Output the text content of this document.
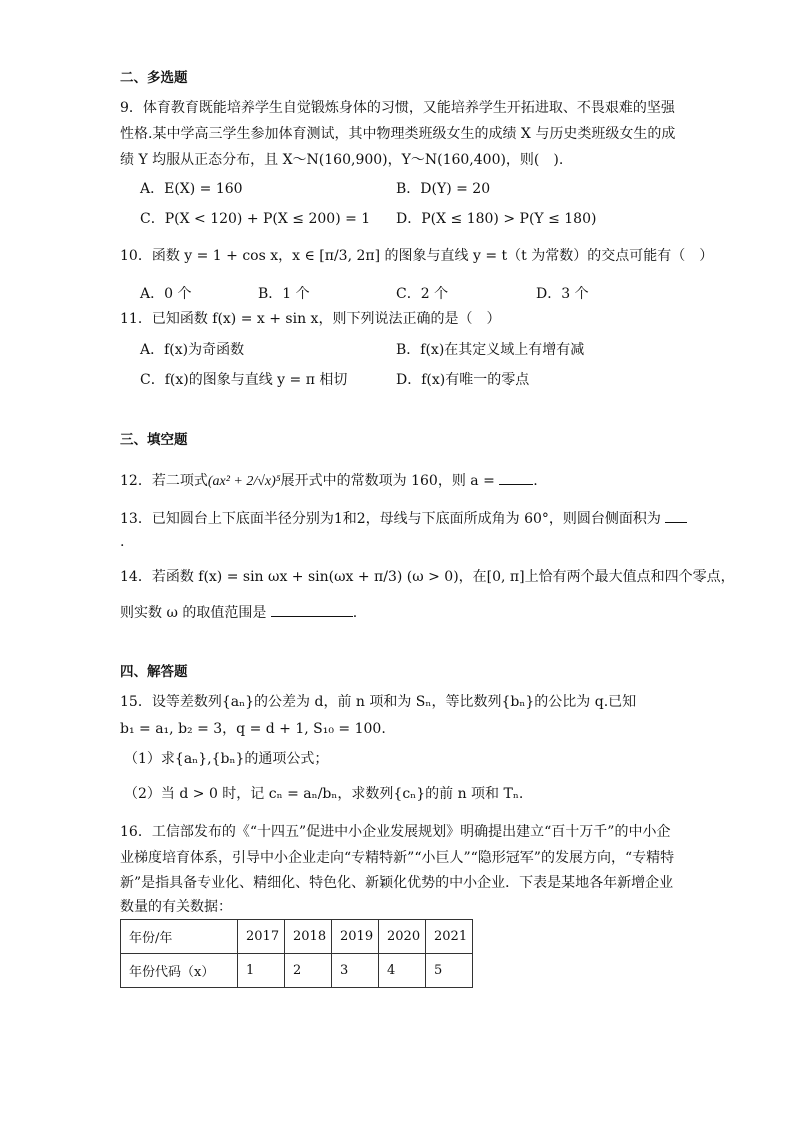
二、多选题
9．体育教育既能培养学生自觉锻炼身体的习惯，又能培养学生开拓进取、不畏艰难的坚强
性格.某中学高三学生参加体育测试，其中物理类班级女生的成绩 X 与历史类班级女生的成
绩 Y 均服从正态分布，且 X～N(160,900)，Y～N(160,400)，则(　).
A．E(X) = 160	B．D(Y) = 20
C．P(X < 120) + P(X ≤ 200) = 1 D．P(X ≤ 180) > P(Y ≤ 180)
10．函数 y = 1 + cos x，x ∈ [π/3, 2π] 的图象与直线 y = t（t 为常数）的交点可能有（　）
A．0 个	B．1 个	C．2 个	D．3 个
11．已知函数 f(x) = x + sin x，则下列说法正确的是（　）
A．f(x)为奇函数	B．f(x)在其定义域上有增有减
C．f(x)的图象与直线 y = π 相切	D．f(x)有唯一的零点
三、填空题
12．若二项式(ax² + 2/√x)⁵展开式中的常数项为 160，则 a =	.
13．已知圆台上下底面半径分别为1和2，母线与下底面所成角为 60°，则圆台侧面积为
.
14．若函数 f(x) = sin ωx + sin(ωx + π/3) (ω > 0)，在[0, π]上恰有两个最大值点和四个零点，
则实数 ω 的取值范围是	.
四、解答题
15．设等差数列{aₙ}的公差为 d，前 n 项和为 Sₙ，等比数列{bₙ}的公比为 q.已知
b₁ = a₁, b₂ = 3，q = d + 1, S₁₀ = 100.
（1）求{aₙ},{bₙ}的通项公式；
（2）当 d > 0 时，记 cₙ = aₙ/bₙ，求数列{cₙ}的前 n 项和 Tₙ.
16．工信部发布的《“十四五”促进中小企业发展规划》明确提出建立“百十万千”的中小企
业梯度培育体系，引导中小企业走向“专精特新”“小巨人”“隐形冠军”的发展方向，“专精特
新”是指具备专业化、精细化、特色化、新颖化优势的中小企业．下表是某地各年新增企业
数量的有关数据：
年份/年	2017	2018	2019	2020	2021
年份代码（x）	1	2	3	4	5
